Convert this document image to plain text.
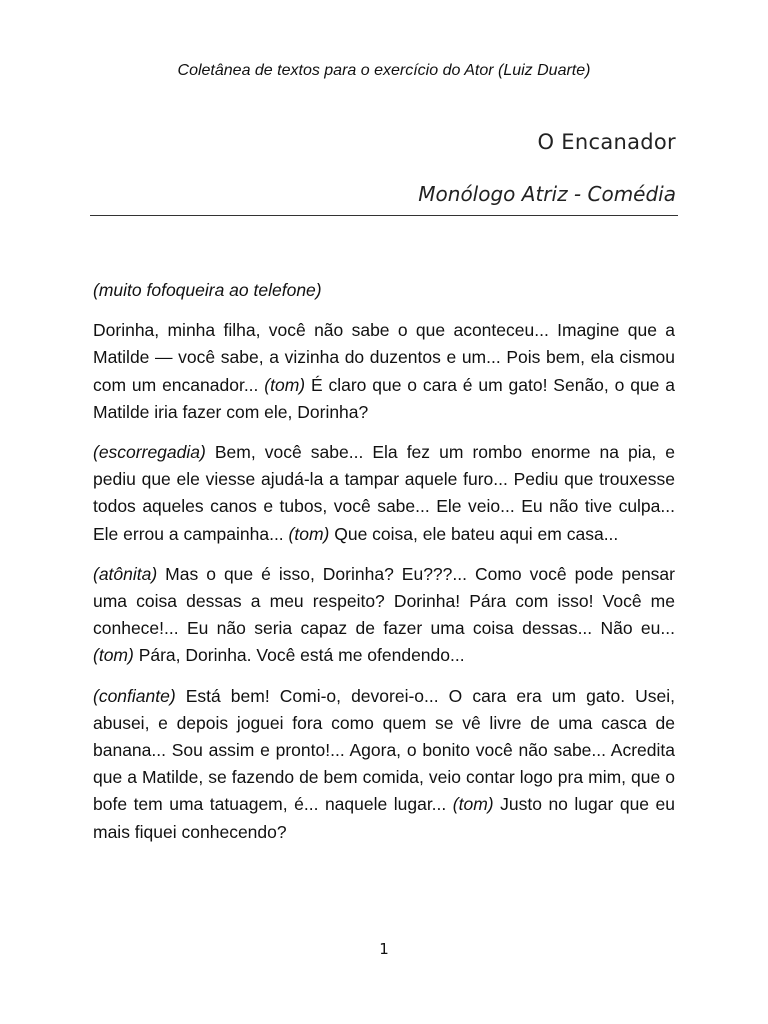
Coletânea de textos para o exercício do Ator (Luiz Duarte)
O Encanador
Monólogo Atriz - Comédia

(muito fofoqueira ao telefone)

Dorinha, minha filha, você não sabe o que aconteceu... Imagine que a Matilde — você sabe, a vizinha do duzentos e um... Pois bem, ela cismou com um encanador... (tom) É claro que o cara é um gato! Senão, o que a Matilde iria fazer com ele, Dorinha?

(escorregadia) Bem, você sabe... Ela fez um rombo enorme na pia, e pediu que ele viesse ajudá-la a tampar aquele furo... Pediu que trouxesse todos aqueles canos e tubos, você sabe... Ele veio... Eu não tive culpa... Ele errou a campainha... (tom) Que coisa, ele bateu aqui em casa...

(atônita) Mas o que é isso, Dorinha? Eu???... Como você pode pensar uma coisa dessas a meu respeito? Dorinha! Pára com isso! Você me conhece!... Eu não seria capaz de fazer uma coisa dessas... Não eu... (tom) Pára, Dorinha. Você está me ofendendo...

(confiante) Está bem! Comi-o, devorei-o... O cara era um gato. Usei, abusei, e depois joguei fora como quem se vê livre de uma casca de banana... Sou assim e pronto!... Agora, o bonito você não sabe... Acredita que a Matilde, se fazendo de bem comida, veio contar logo pra mim, que o bofe tem uma tatuagem, é... naquele lugar... (tom) Justo no lugar que eu mais fiquei conhecendo?

1
